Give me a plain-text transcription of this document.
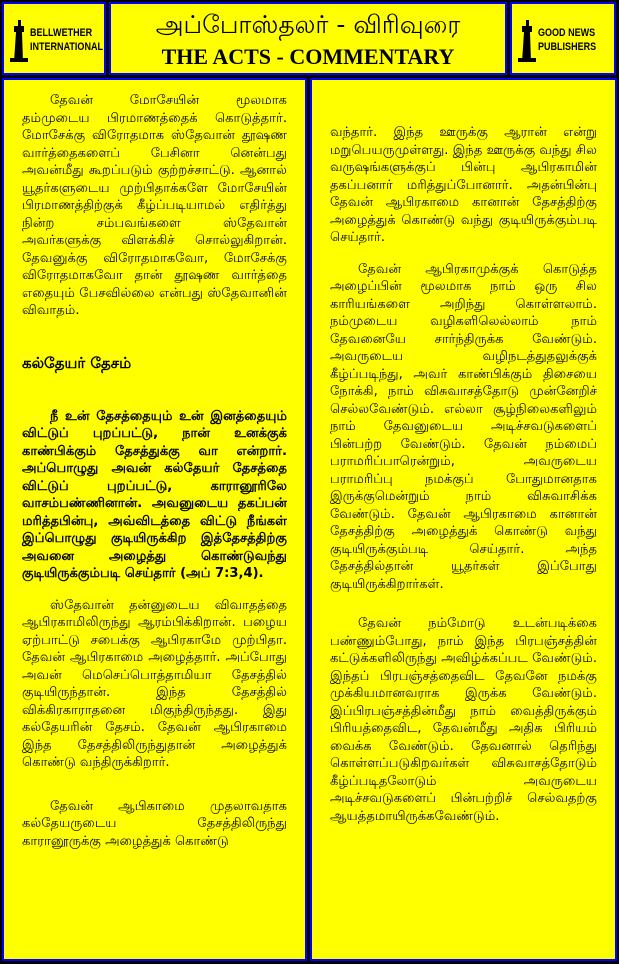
BELLWETHER
INTERNATIONAL
அப்போஸ்தலர் - விரிவுரை
THE ACTS - COMMENTARY
GOOD NEWS
PUBLISHERS

தேவன் மோசேயின் மூலமாக தம்முடைய பிரமாணத்தைக் கொடுத்தார். மோசேக்கு விரோதமாக ஸ்தேவான் தூஷண வார்த்தைகளைப் பேசினா னென்பது அவன்மீது கூறப்படும் குற்றச்சாட்டு. ஆனால் யூதர்களுடைய முற்பிதாக்களே மோசேயின் பிரமாணத்திற்குக் கீழ்ப்படியாமல் எதிர்த்து நின்ற சம்பவங்களை ஸ்தேவான் அவர்களுக்கு விளக்கிச் சொல்லுகிறான். தேவனுக்கு விரோதமாகவோ, மோசேக்கு விரோதமாகவோ தான் தூஷண வார்த்தை எதையும் பேசவில்லை என்பது ஸ்தேவானின் விவாதம்.

கல்தேயர் தேசம்

நீ உன் தேசத்தையும் உன் இனத்தையும் விட்டுப் புறப்பட்டு, நான் உனக்குக் காண்பிக்கும் தேசத்துக்கு வா என்றார். அப்பொழுது அவன் கல்தேயர் தேசத்தை விட்டுப் புறப்பட்டு, காரானூரிலே வாசம்பண்ணினான். அவனுடைய தகப்பன் மரித்தபின்பு, அவ்விடத்தை விட்டு நீங்கள் இப்பொழுது குடியிருக்கிற இத்தேசத்திற்கு அவனை அழைத்து கொண்டுவந்து குடியிருக்கும்படி செய்தார் (அப் 7:3,4).

ஸ்தேவான் தன்னுடைய விவாதத்தை ஆபிரகாமிலிருந்து ஆரம்பிக்கிறான். பழைய ஏற்பாட்டு சபைக்கு ஆபிரகாமே முற்பிதா. தேவன் ஆபிரகாமை அழைத்தார். அப்போது அவன் மெசெப்பொத்தாமியா தேசத்தில் குடியிருந்தான். இந்த தேசத்தில் விக்கிரகாராதனை மிகுந்திருந்தது. இது கல்தேயரின் தேசம். தேவன் ஆபிரகாமை இந்த தேசத்திலிருந்துதான் அழைத்துக் கொண்டு வந்திருக்கிறார்.

தேவன் ஆபிகாமை முதலாவதாக கல்தேயருடைய தேசத்திலிருந்து காரானூருக்கு அழைத்துக் கொண்டு

வந்தார். இந்த ஊருக்கு ஆரான் என்று மறுபெயருமுள்ளது. இந்த ஊருக்கு வந்து சில வருஷங்களுக்குப் பின்பு ஆபிரகாமின் தகப்பனார் மரித்துப்போனார். அதன்பின்பு தேவன் ஆபிரகாமை கானான் தேசத்திற்கு அழைத்துக் கொண்டு வந்து குடியிருக்கும்படி செய்தார்.

தேவன் ஆபிரகாமுக்குக் கொடுத்த அழைப்பின் மூலமாக நாம் ஒரு சில காரியங்களை அறிந்து கொள்ளலாம். நம்முடைய வழிகளிலெல்லாம் நாம் தேவனையே சார்ந்திருக்க வேண்டும். அவருடைய வழிநடத்துதலுக்குக் கீழ்ப்படிந்து, அவர் காண்பிக்கும் திசையை நோக்கி, நாம் விசுவாசத்தோடு முன்னேறிச் செல்லவேண்டும். எல்லா சூழ்நிலைகளிலும் நாம் தேவனுடைய அடிச்சவடுகளைப் பின்பற்ற வேண்டும். தேவன் நம்மைப் பராமரிப்பாரென்றும், அவருடைய பராமரிப்பு நமக்குப் போதுமானதாக இருக்குமென்றும் நாம் விசுவாசிக்க வேண்டும். தேவன் ஆபிரகாமை கானான் தேசத்திற்கு அழைத்துக் கொண்டு வந்து குடியிருக்கும்படி செய்தார். அந்த தேசத்தில்தான் யூதர்கள் இப்போது குடியிருக்கிறார்கள்.

தேவன் நம்மோடு உடன்படிக்கை பண்ணும்போது, நாம் இந்த பிரபஞ்சத்தின் கட்டுக்களிலிருந்து அவிழ்க்கப்பட வேண்டும். இந்தப் பிரபஞ்சத்தைவிட தேவனே நமக்கு முக்கியமானவராக இருக்க வேண்டும். இப்பிரபஞ்சத்தின்மீது நாம் வைத்திருக்கும் பிரியத்தைவிட, தேவன்மீது அதிக பிரியம் வைக்க வேண்டும். தேவனால் தெரிந்து கொள்ளப்படுகிறவர்கள் விசுவாசத்தோடும் கீழ்ப்படிதலோடும் அவருடைய அடிச்சவடுகளைப் பின்பற்றிச் செல்வதற்கு ஆயத்தமாயிருக்கவேண்டும்.
